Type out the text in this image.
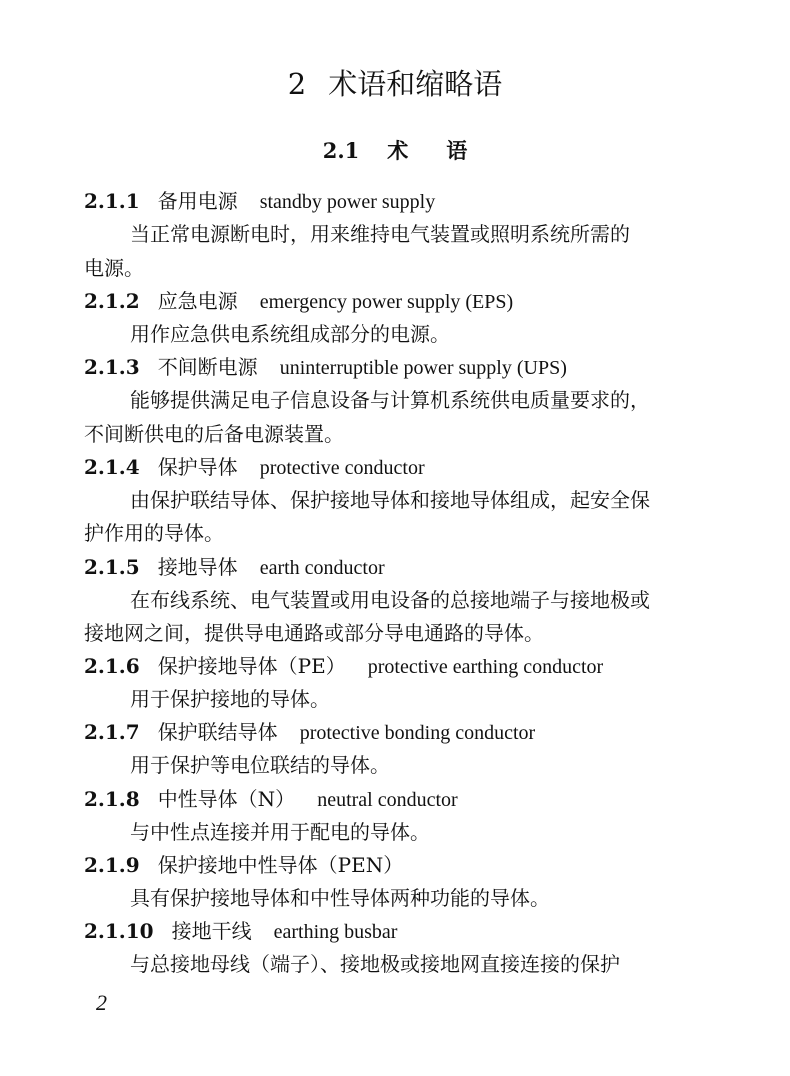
2 术语和缩略语
2.1 术 语
2.1.1 备用电源 standby power supply
当正常电源断电时，用来维持电气装置或照明系统所需的
电源。
2.1.2 应急电源 emergency power supply (EPS)
用作应急供电系统组成部分的电源。
2.1.3 不间断电源 uninterruptible power supply (UPS)
能够提供满足电子信息设备与计算机系统供电质量要求的，
不间断供电的后备电源装置。
2.1.4 保护导体 protective conductor
由保护联结导体、保护接地导体和接地导体组成，起安全保
护作用的导体。
2.1.5 接地导体 earth conductor
在布线系统、电气装置或用电设备的总接地端子与接地极或
接地网之间，提供导电通路或部分导电通路的导体。
2.1.6 保护接地导体（PE） protective earthing conductor
用于保护接地的导体。
2.1.7 保护联结导体 protective bonding conductor
用于保护等电位联结的导体。
2.1.8 中性导体（N） neutral conductor
与中性点连接并用于配电的导体。
2.1.9 保护接地中性导体（PEN）
具有保护接地导体和中性导体两种功能的导体。
2.1.10 接地干线 earthing busbar
与总接地母线（端子）、接地极或接地网直接连接的保护
2
